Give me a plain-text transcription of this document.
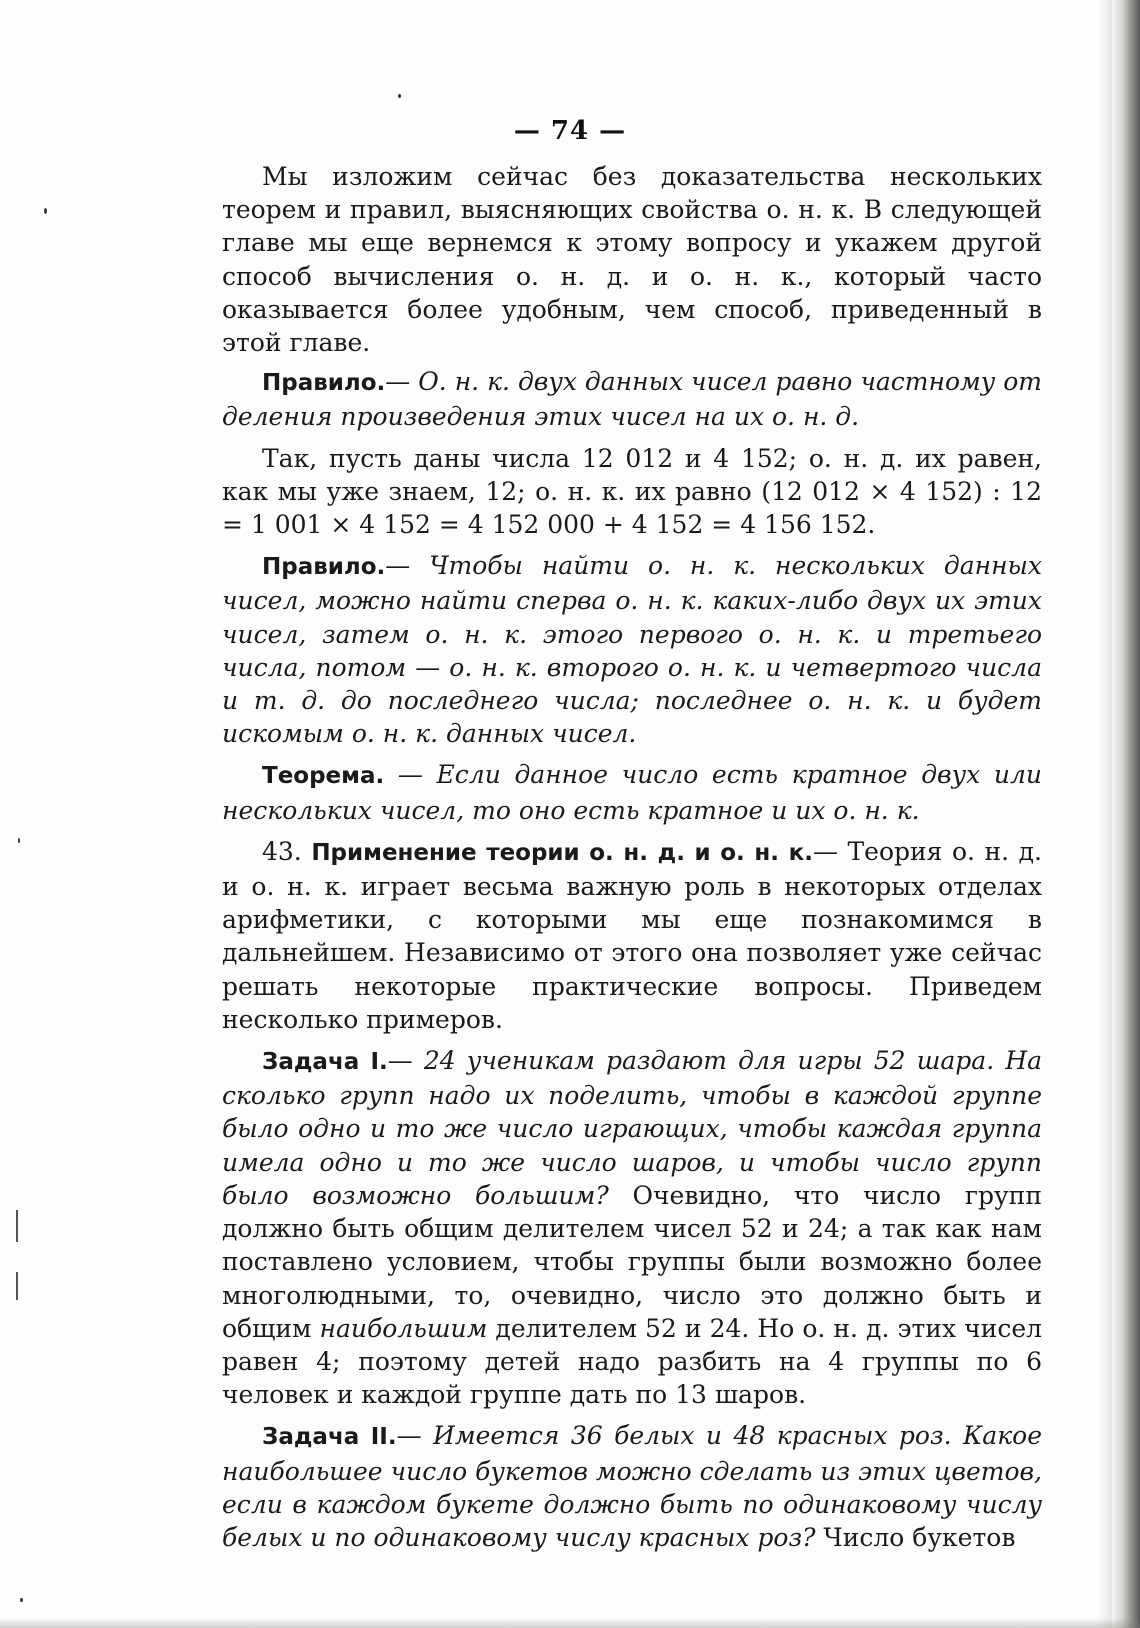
— 74 —

Мы изложим сейчас без доказательства нескольких теорем и правил, выясняющих свойства о. н. к. В следующей главе мы еще вернемся к этому вопросу и укажем другой способ вычисления о. н. д. и о. н. к., который часто оказывается более удобным, чем способ, приведенный в этой главе.

Правило.— О. н. к. двух данных чисел равно частному от деления произведения этих чисел на их о. н. д.

Так, пусть даны числа 12 012 и 4 152; о. н. д. их равен, как мы уже знаем, 12; о. н. к. их равно (12 012 × 4 152) : 12 = 1 001 × 4 152 = 4 152 000 + 4 152 = 4 156 152.

Правило.— Чтобы найти о. н. к. нескольких данных чисел, можно найти сперва о. н. к. каких-либо двух их этих чисел, затем о. н. к. этого первого о. н. к. и третьего числа, потом — о. н. к. второго о. н. к. и четвертого числа и т. д. до последнего числа; последнее о. н. к. и будет искомым о. н. к. данных чисел.

Теорема. — Если данное число есть кратное двух или нескольких чисел, то оно есть кратное и их о. н. к.

43. Применение теории о. н. д. и о. н. к.— Теория о. н. д. и о. н. к. играет весьма важную роль в некоторых отделах арифметики, с которыми мы еще познакомимся в дальнейшем. Независимо от этого она позволяет уже сейчас решать некоторые практические вопросы. Приведем несколько примеров.

Задача I.— 24 ученикам раздают для игры 52 шара. На сколько групп надо их поделить, чтобы в каждой группе было одно и то же число играющих, чтобы каждая группа имела одно и то же число шаров, и чтобы число групп было возможно большим? Очевидно, что число групп должно быть общим делителем чисел 52 и 24; а так как нам поставлено условием, чтобы группы были возможно более многолюдными, то, очевидно, число это должно быть и общим наибольшим делителем 52 и 24. Но о. н. д. этих чисел равен 4; поэтому детей надо разбить на 4 группы по 6 человек и каждой группе дать по 13 шаров.

Задача II.— Имеется 36 белых и 48 красных роз. Какое наибольшее число букетов можно сделать из этих цветов, если в каждом букете должно быть по одинаковому числу белых и по одинаковому числу красных роз? Число букетов
